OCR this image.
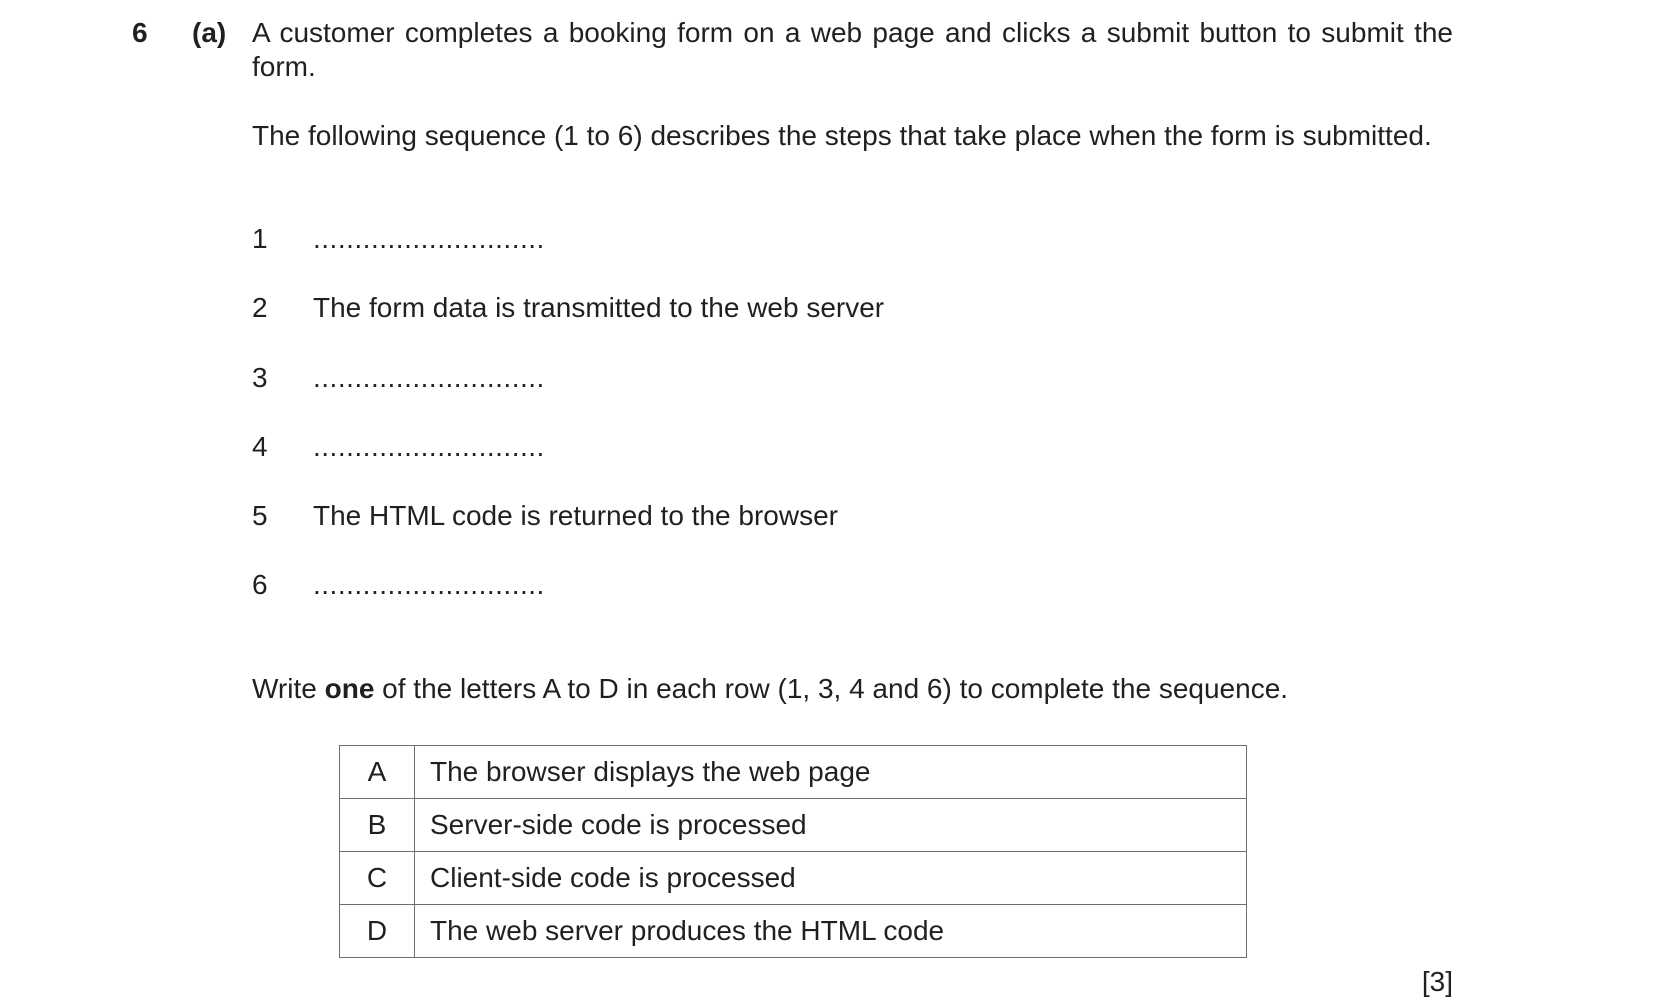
6 (a) A customer completes a booking form on a web page and clicks a submit button to submit the form.
The following sequence (1 to 6) describes the steps that take place when the form is submitted.
1	............................
2	The form data is transmitted to the web server
3	............................
4	............................
5	The HTML code is returned to the browser
6	............................
Write one of the letters A to D in each row (1, 3, 4 and 6) to complete the sequence.
A	The browser displays the web page
B	Server-side code is processed
C	Client-side code is processed
D	The web server produces the HTML code
[3]
